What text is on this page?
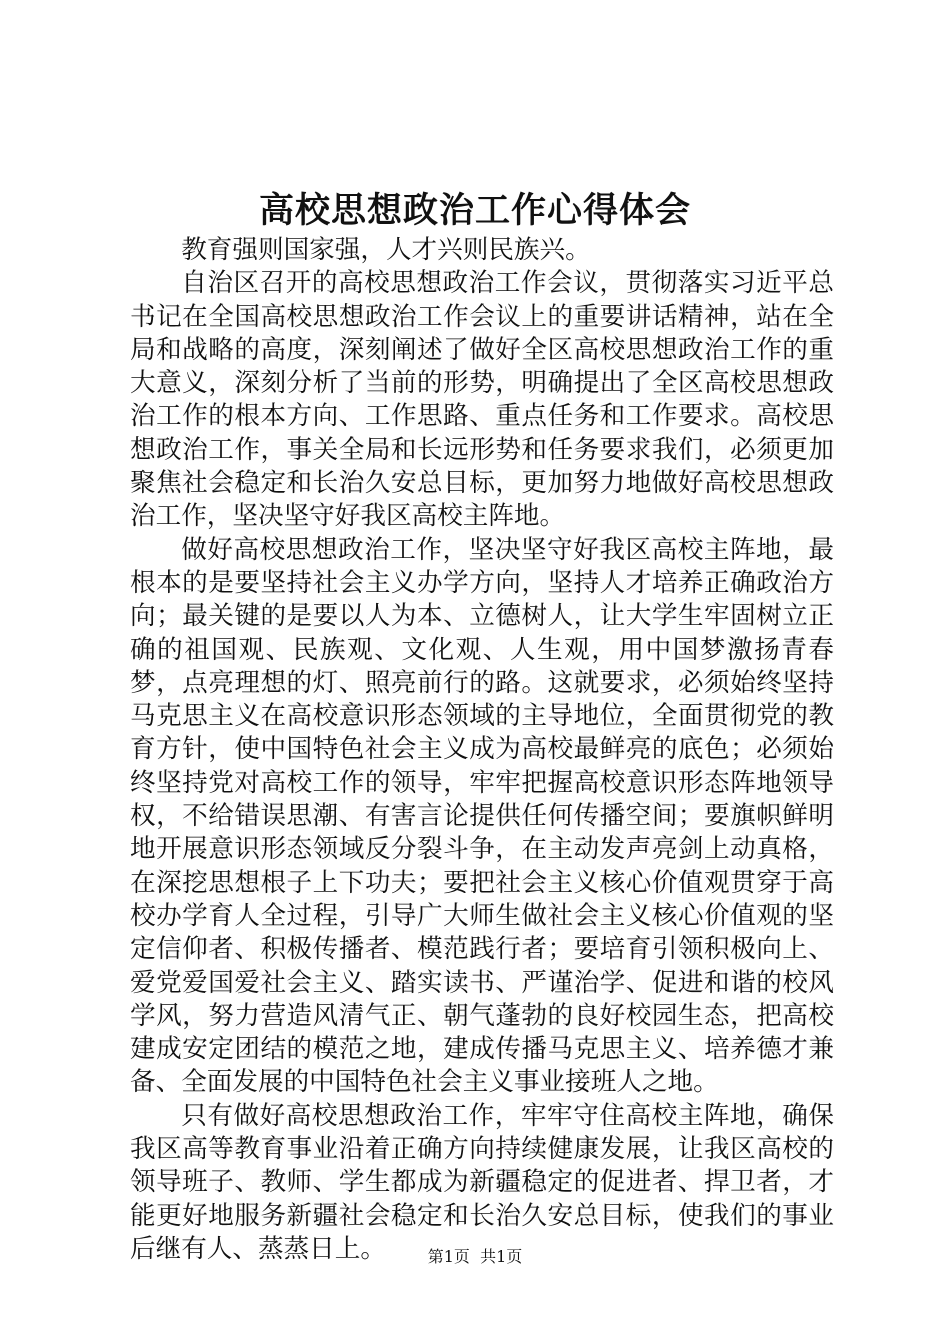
高校思想政治工作心得体会

教育强则国家强，人才兴则民族兴。

自治区召开的高校思想政治工作会议，贯彻落实习近平总书记在全国高校思想政治工作会议上的重要讲话精神，站在全局和战略的高度，深刻阐述了做好全区高校思想政治工作的重大意义，深刻分析了当前的形势，明确提出了全区高校思想政治工作的根本方向、工作思路、重点任务和工作要求。高校思想政治工作，事关全局和长远形势和任务要求我们，必须更加聚焦社会稳定和长治久安总目标，更加努力地做好高校思想政治工作，坚决坚守好我区高校主阵地。

做好高校思想政治工作，坚决坚守好我区高校主阵地，最根本的是要坚持社会主义办学方向，坚持人才培养正确政治方向；最关键的是要以人为本、立德树人，让大学生牢固树立正确的祖国观、民族观、文化观、人生观，用中国梦激扬青春梦，点亮理想的灯、照亮前行的路。这就要求，必须始终坚持马克思主义在高校意识形态领域的主导地位，全面贯彻党的教育方针，使中国特色社会主义成为高校最鲜亮的底色；必须始终坚持党对高校工作的领导，牢牢把握高校意识形态阵地领导权，不给错误思潮、有害言论提供任何传播空间；要旗帜鲜明地开展意识形态领域反分裂斗争，在主动发声亮剑上动真格，在深挖思想根子上下功夫；要把社会主义核心价值观贯穿于高校办学育人全过程，引导广大师生做社会主义核心价值观的坚定信仰者、积极传播者、模范践行者；要培育引领积极向上、爱党爱国爱社会主义、踏实读书、严谨治学、促进和谐的校风学风，努力营造风清气正、朝气蓬勃的良好校园生态，把高校建成安定团结的模范之地，建成传播马克思主义、培养德才兼备、全面发展的中国特色社会主义事业接班人之地。

只有做好高校思想政治工作，牢牢守住高校主阵地，确保我区高等教育事业沿着正确方向持续健康发展，让我区高校的领导班子、教师、学生都成为新疆稳定的促进者、捍卫者，才能更好地服务新疆社会稳定和长治久安总目标，使我们的事业后继有人、蒸蒸日上。	第1页  共1页
